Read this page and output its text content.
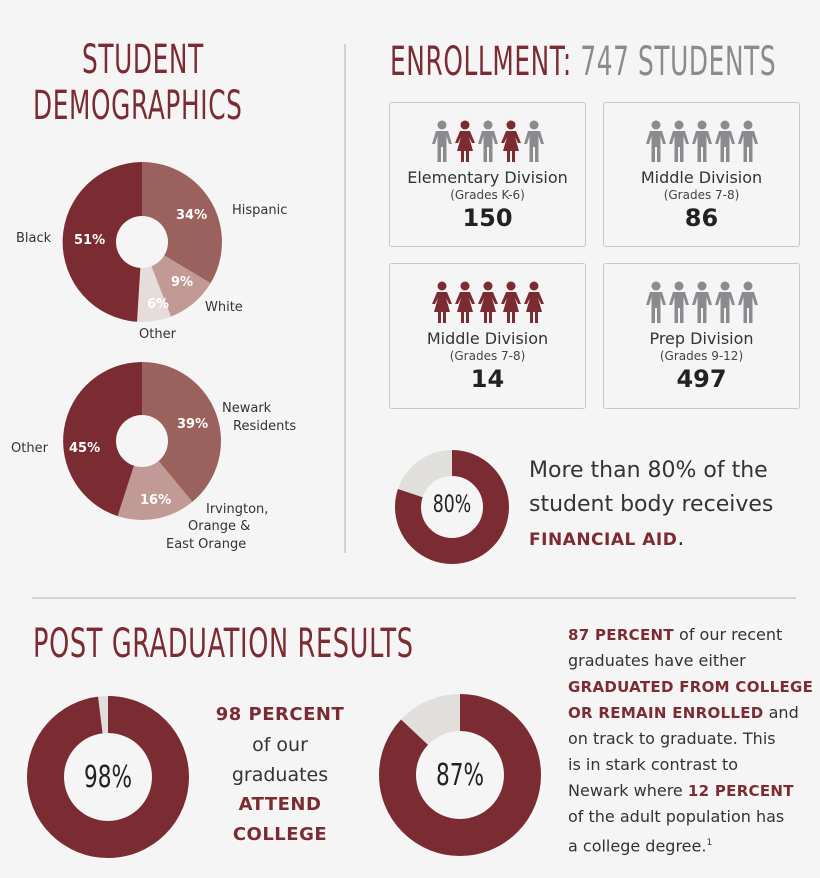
STUDENT
DEMOGRAPHICS
51%
34%
9%
6%
Black
Hispanic
White
Other
45%
39%
16%
Other
Newark
Residents
Irvington,
Orange &
East Orange
ENROLLMENT: 747 STUDENTS
Elementary Division
(Grades K-6)
150
Middle Division
(Grades 7-8)
86
Middle Division
(Grades 7-8)
14
Prep Division
(Grades 9-12)
497
80%
More than 80% of the
student body receives
FINANCIAL AID.
POST GRADUATION RESULTS
98%
98 PERCENT
of our
graduates
ATTEND
COLLEGE
87%
87 PERCENT of our recent
graduates have either
GRADUATED FROM COLLEGE
OR REMAIN ENROLLED and
on track to graduate. This
is in stark contrast to
Newark where 12 PERCENT
of the adult population has
a college degree.$^1$
